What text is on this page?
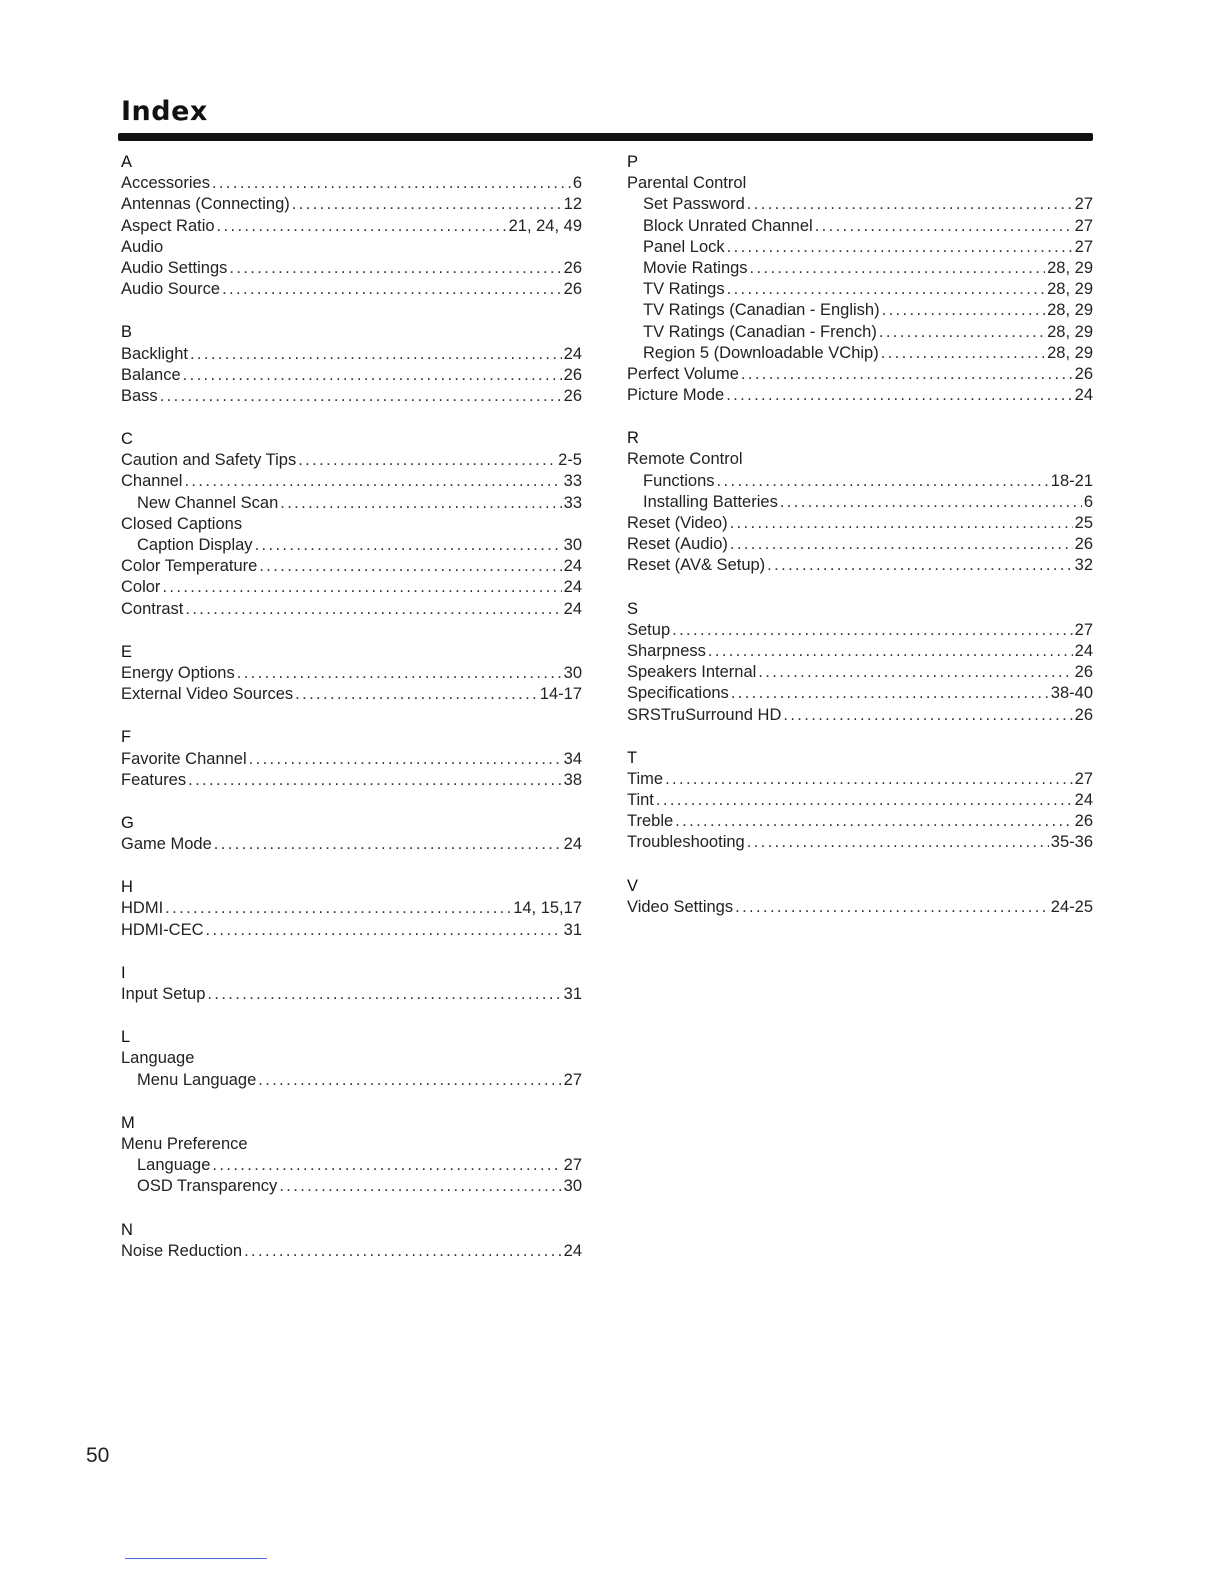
Index
A
Accessories . . .	6
Antennas (Connecting) . . .	12
Aspect Ratio . . .	21, 24, 49
Audio
Audio Settings . . .	26
Audio Source . . .	26
B
Backlight . . .	24
Balance . . .	26
Bass . . .	26
C
Caution and Safety Tips . . .	2-5
Channel . . .	33
New Channel Scan . . .	33
Closed Captions
Caption Display . . .	30
Color Temperature . . .	24
Color . . .	24
Contrast . . .	24
E
Energy Options . . .	30
External Video Sources . . .	14-17
F
Favorite Channel . . .	34
Features . . .	38
G
Game Mode . . .	24
H
HDMI . . .	14, 15,17
HDMI-CEC . . .	31
I
Input Setup . . .	31
L
Language
Menu Language . . .	27
M
Menu Preference
Language . . .	27
OSD Transparency . . .	30
N
Noise Reduction . . .	24
P
Parental Control
Set Password . . .	27
Block Unrated Channel . . .	27
Panel Lock . . .	27
Movie Ratings . . .	28, 29
TV Ratings . . .	28, 29
TV Ratings (Canadian - English) . . .	28, 29
TV Ratings (Canadian - French) . . .	28, 29
Region 5 (Downloadable VChip) . . .	28, 29
Perfect Volume . . .	26
Picture Mode . . .	24
R
Remote Control
Functions . . .	18-21
Installing Batteries . . .	6
Reset (Video) . . .	25
Reset (Audio) . . .	26
Reset (AV& Setup) . . .	32
S
Setup . . .	27
Sharpness . . .	24
Speakers Internal . . .	26
Specifications . . .	38-40
SRSTruSurround HD . . .	26
T
Time . . .	27
Tint . . .	24
Treble . . .	26
Troubleshooting . . .	35-36
V
Video Settings . . .	24-25
50
